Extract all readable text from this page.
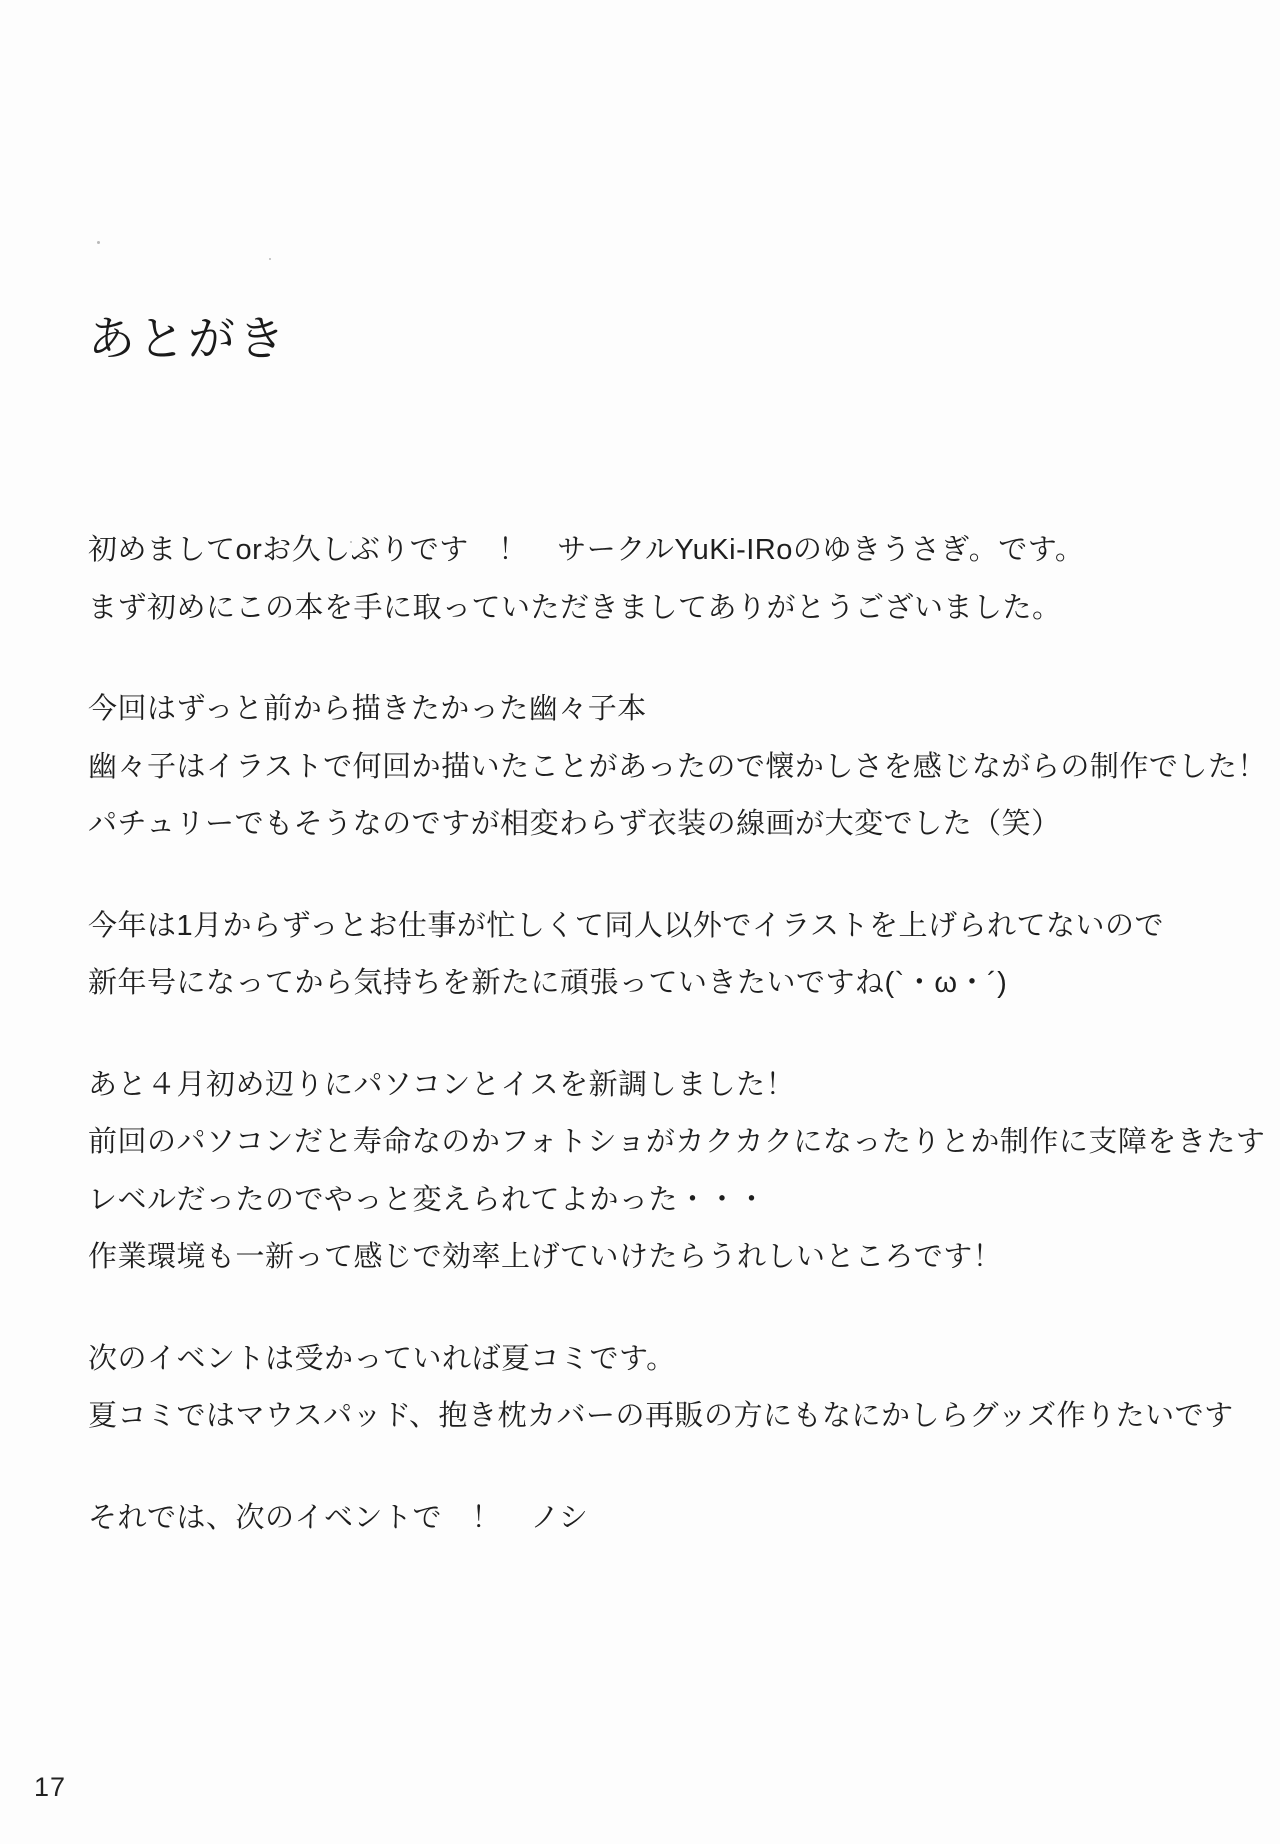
あとがき
初めましてorお久しぶりです　！　サークルYuKi-IRoのゆきうさぎ。です。
まず初めにこの本を手に取っていただきましてありがとうございました。
今回はずっと前から描きたかった幽々子本
幽々子はイラストで何回か描いたことがあったので懐かしさを感じながらの制作でした！
パチュリーでもそうなのですが相変わらず衣装の線画が大変でした（笑）
今年は1月からずっとお仕事が忙しくて同人以外でイラストを上げられてないので
新年号になってから気持ちを新たに頑張っていきたいですね(`・ω・´)
あと４月初め辺りにパソコンとイスを新調しました！
前回のパソコンだと寿命なのかフォトショがカクカクになったりとか制作に支障をきたす
レベルだったのでやっと変えられてよかった・・・
作業環境も一新って感じで効率上げていけたらうれしいところです！
次のイベントは受かっていれば夏コミです。
夏コミではマウスパッド、抱き枕カバーの再販の方にもなにかしらグッズ作りたいです
それでは、次のイベントで　！　ノシ
17
